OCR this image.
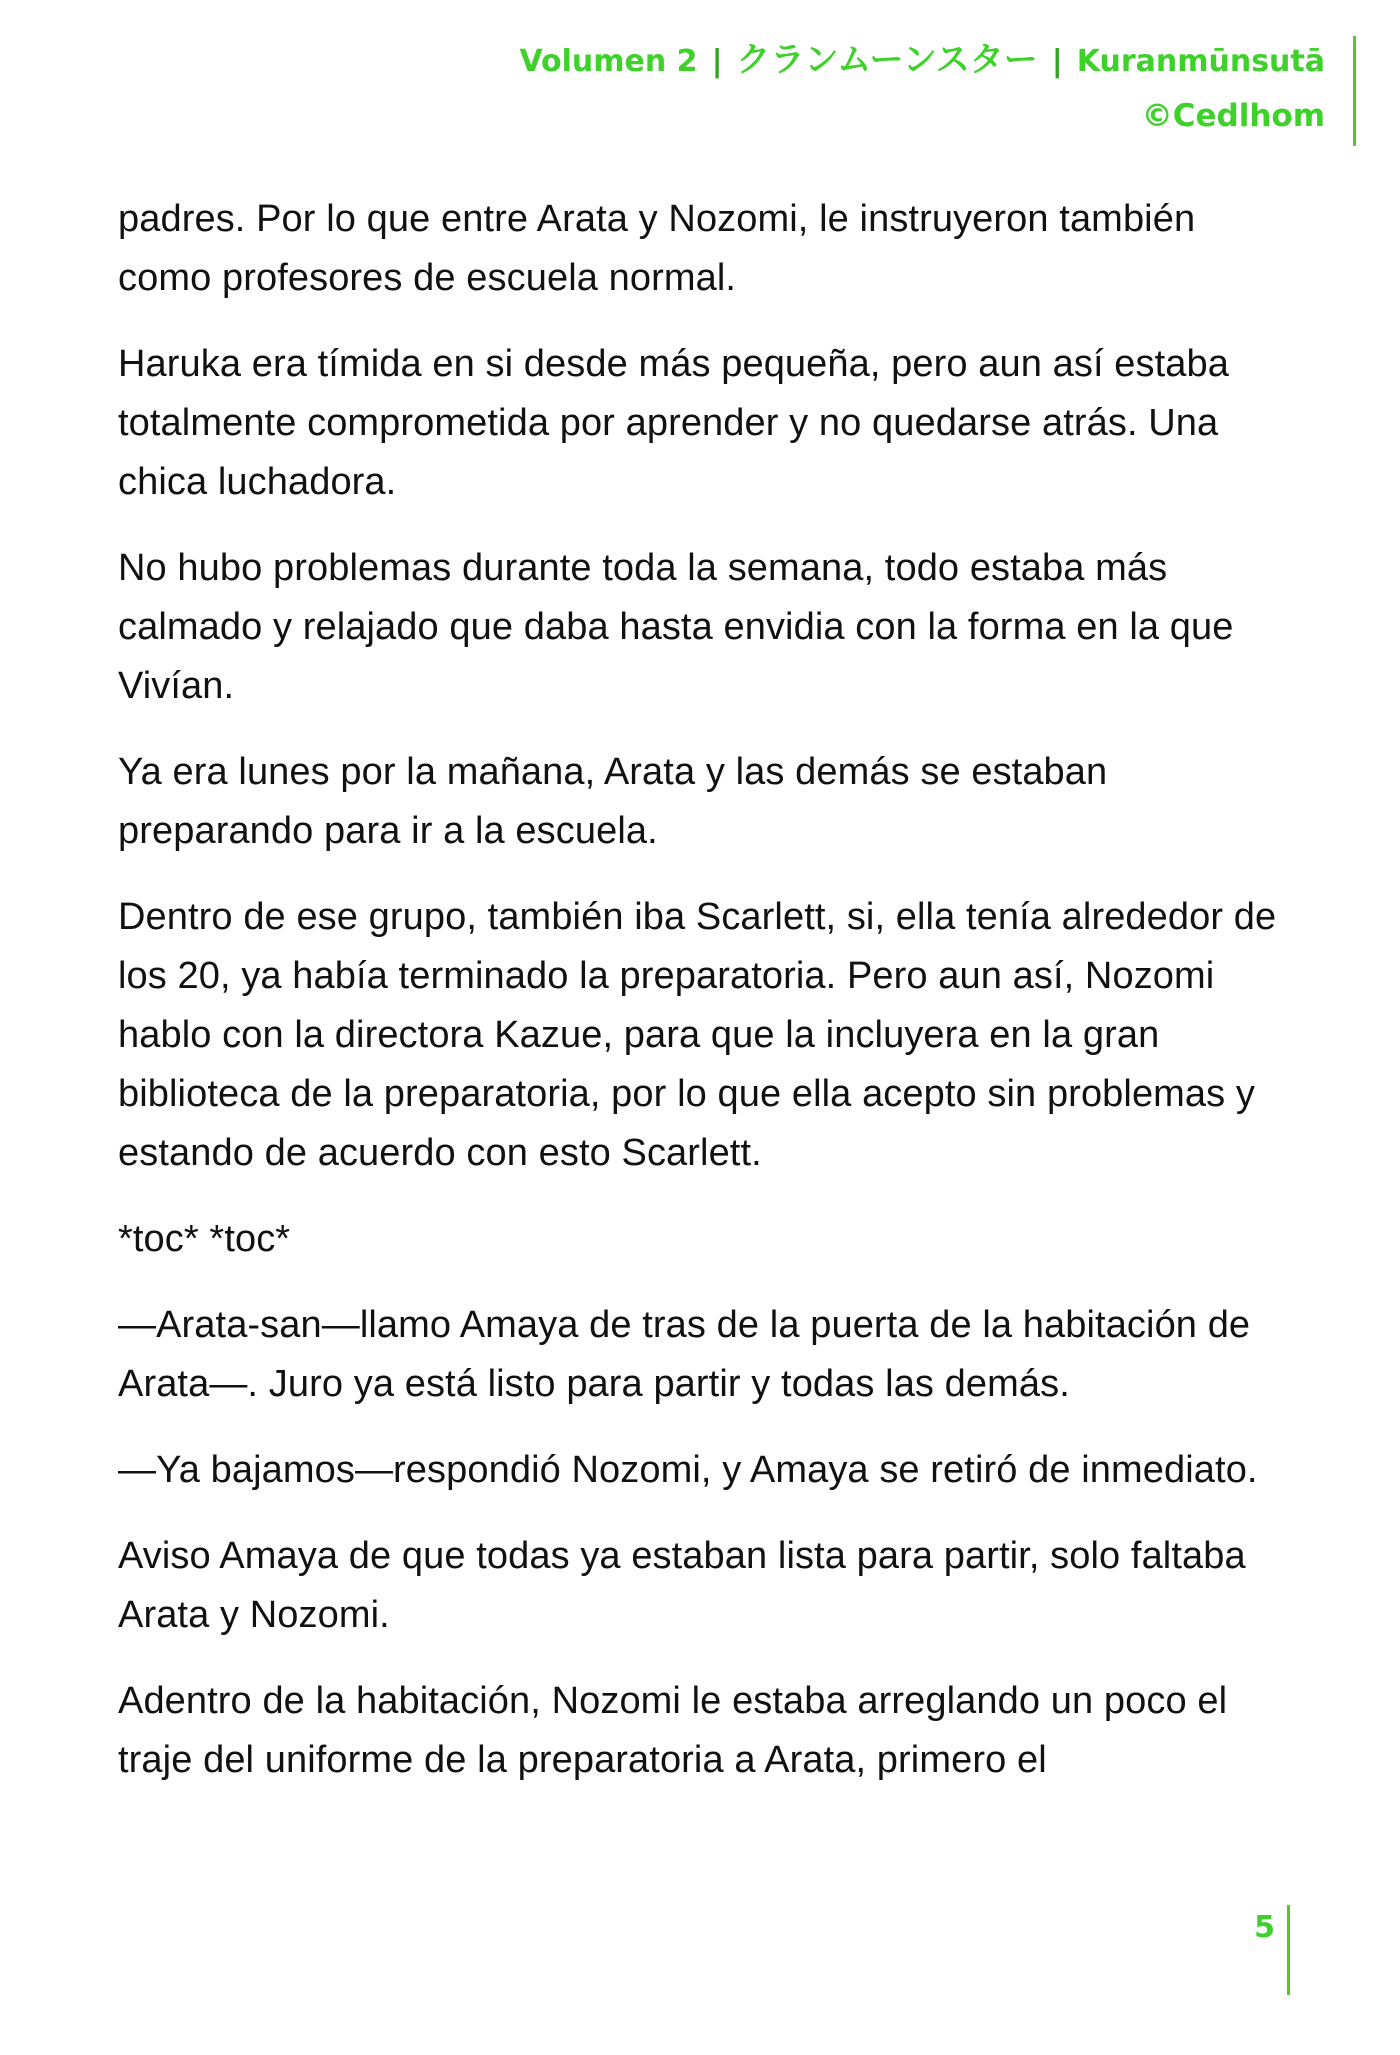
Volumen 2 | クランムーンスター | Kuranmūnsutā
©Cedlhom

padres. Por lo que entre Arata y Nozomi, le instruyeron también como profesores de escuela normal.

Haruka era tímida en si desde más pequeña, pero aun así estaba totalmente comprometida por aprender y no quedarse atrás. Una chica luchadora.

No hubo problemas durante toda la semana, todo estaba más calmado y relajado que daba hasta envidia con la forma en la que Vivían.

Ya era lunes por la mañana, Arata y las demás se estaban preparando para ir a la escuela.

Dentro de ese grupo, también iba Scarlett, si, ella tenía alrededor de los 20, ya había terminado la preparatoria. Pero aun así, Nozomi hablo con la directora Kazue, para que la incluyera en la gran biblioteca de la preparatoria, por lo que ella acepto sin problemas y estando de acuerdo con esto Scarlett.

*toc* *toc*

—Arata-san—llamo Amaya de tras de la puerta de la habitación de Arata—. Juro ya está listo para partir y todas las demás.

—Ya bajamos—respondió Nozomi, y Amaya se retiró de inmediato.

Aviso Amaya de que todas ya estaban lista para partir, solo faltaba Arata y Nozomi.

Adentro de la habitación, Nozomi le estaba arreglando un poco el traje del uniforme de la preparatoria a Arata, primero el

5
